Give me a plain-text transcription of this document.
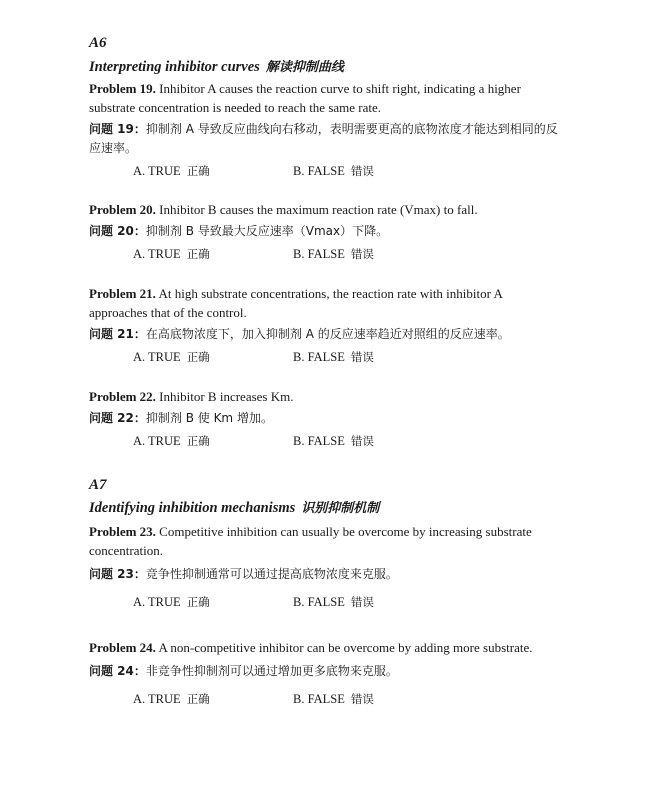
A6
Interpreting inhibitor curves 解读抑制曲线
Problem 19. Inhibitor A causes the reaction curve to shift right, indicating a higher substrate concentration is needed to reach the same rate.
问题 19：抑制剂 A 导致反应曲线向右移动，表明需要更高的底物浓度才能达到相同的反应速率。
A. TRUE 正确	B. FALSE 错误
Problem 20. Inhibitor B causes the maximum reaction rate (Vmax) to fall.
问题 20：抑制剂 B 导致最大反应速率（Vmax）下降。
A. TRUE 正确	B. FALSE 错误
Problem 21. At high substrate concentrations, the reaction rate with inhibitor A approaches that of the control.
问题 21：在高底物浓度下，加入抑制剂 A 的反应速率趋近对照组的反应速率。
A. TRUE 正确	B. FALSE 错误
Problem 22. Inhibitor B increases Km.
问题 22：抑制剂 B 使 Km 增加。
A. TRUE 正确	B. FALSE 错误
A7
Identifying inhibition mechanisms 识别抑制机制
Problem 23. Competitive inhibition can usually be overcome by increasing substrate concentration.
问题 23：竞争性抑制通常可以通过提高底物浓度来克服。
A. TRUE 正确	B. FALSE 错误
Problem 24. A non-competitive inhibitor can be overcome by adding more substrate.
问题 24：非竞争性抑制剂可以通过增加更多底物来克服。
A. TRUE 正确	B. FALSE 错误
